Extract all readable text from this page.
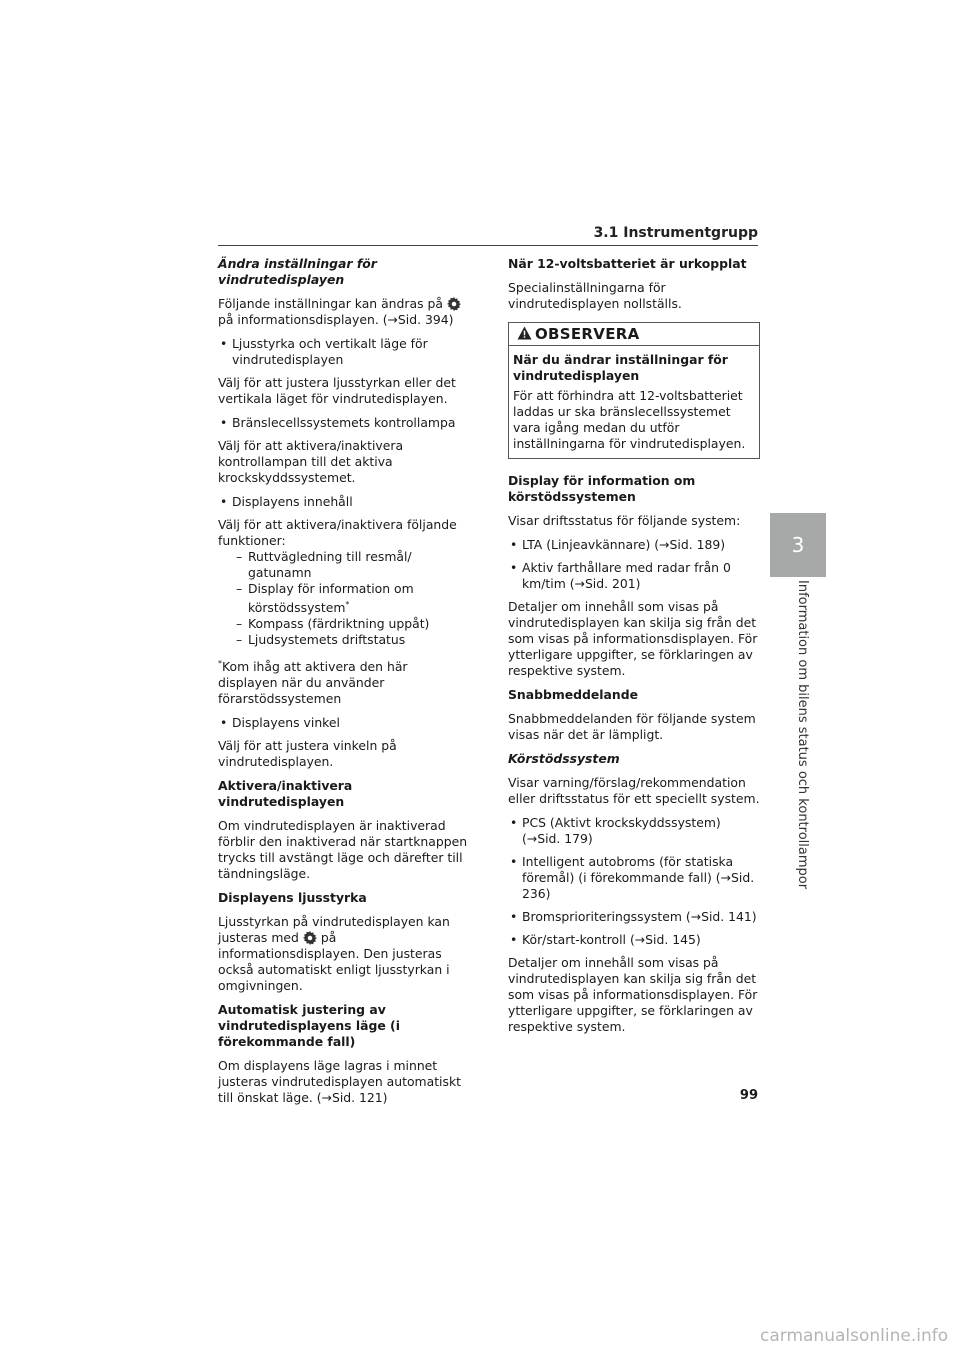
3.1 Instrumentgrupp
Ändra inställningar för vindrutedisplayen

Följande inställningar kan ändras påpå informationsdisplayen. (→Sid. 394)

• Ljusstyrka och vertikalt läge för vindrutedisplayen

Välj för att justera ljusstyrkan eller det vertikala läget för vindrutedisplayen.

• Bränslecellssystemets kontrollampa

Välj för att aktivera/inaktivera kontrollampan till det aktiva krockskyddssystemet.

• Displayens innehåll

Välj för att aktivera/inaktivera följande funktioner:

– Ruttvägledning till resmål/ gatunamn
– Display för information om körstödssystem*
– Kompass (färdriktning uppåt)
– Ljudsystemets driftstatus

*Kom ihåg att aktivera den här displayen när du använder förarstödssystemen

• Displayens vinkel

Välj för att justera vinkeln på vindrutedisplayen.

Aktivera/inaktivera vindrutedisplayen

Om vindrutedisplayen är inaktiverad förblir den inaktiverad när startknappen trycks till avstängt läge och därefter till tändningsläge.

Displayens ljusstyrka

Ljusstyrkan på vindrutedisplayen kan justeras med på informationsdisplayen. Den justeras också automatiskt enligt ljusstyrkan i omgivningen.

Automatisk justering av vindrutedisplayens läge (i förekommande fall)

Om displayens läge lagras i minnet justeras vindrutedisplayen automatiskt till önskat läge. (→Sid. 121)

När 12-voltsbatteriet är urkopplat

Specialinställningarna för vindrutedisplayen nollställs.

OBSERVERA

När du ändrar inställningar för vindrutedisplayen

För att förhindra att 12-voltsbatteriet laddas ur ska bränslecellssystemet vara igång medan du utför inställningarna för vindrutedisplayen.

Display för information om körstödssystemen

Visar driftsstatus för följande system:

• LTA (Linjeavkännare) (→Sid. 189)
• Aktiv farthållare med radar från 0 km/tim (→Sid. 201)

Detaljer om innehåll som visas på vindrutedisplayen kan skilja sig från det som visas på informationsdisplayen. För ytterligare uppgifter, se förklaringen av respektive system.

Snabbmeddelande

Snabbmeddelanden för följande system visas när det är lämpligt.

Körstödssystem

Visar varning/förslag/rekommendation eller driftsstatus för ett speciellt system.

• PCS (Aktivt krockskyddssystem) (→Sid. 179)
• Intelligent autobroms (för statiska föremål) (i förekommande fall) (→Sid. 236)
• Bromsprioriteringssystem (→Sid. 141)
• Kör/start-kontroll (→Sid. 145)

Detaljer om innehåll som visas på vindrutedisplayen kan skilja sig från det som visas på informationsdisplayen. För ytterligare uppgifter, se förklaringen av respektive system.

3
Information om bilens status och kontrollampor
99
carmanualsonline.info
